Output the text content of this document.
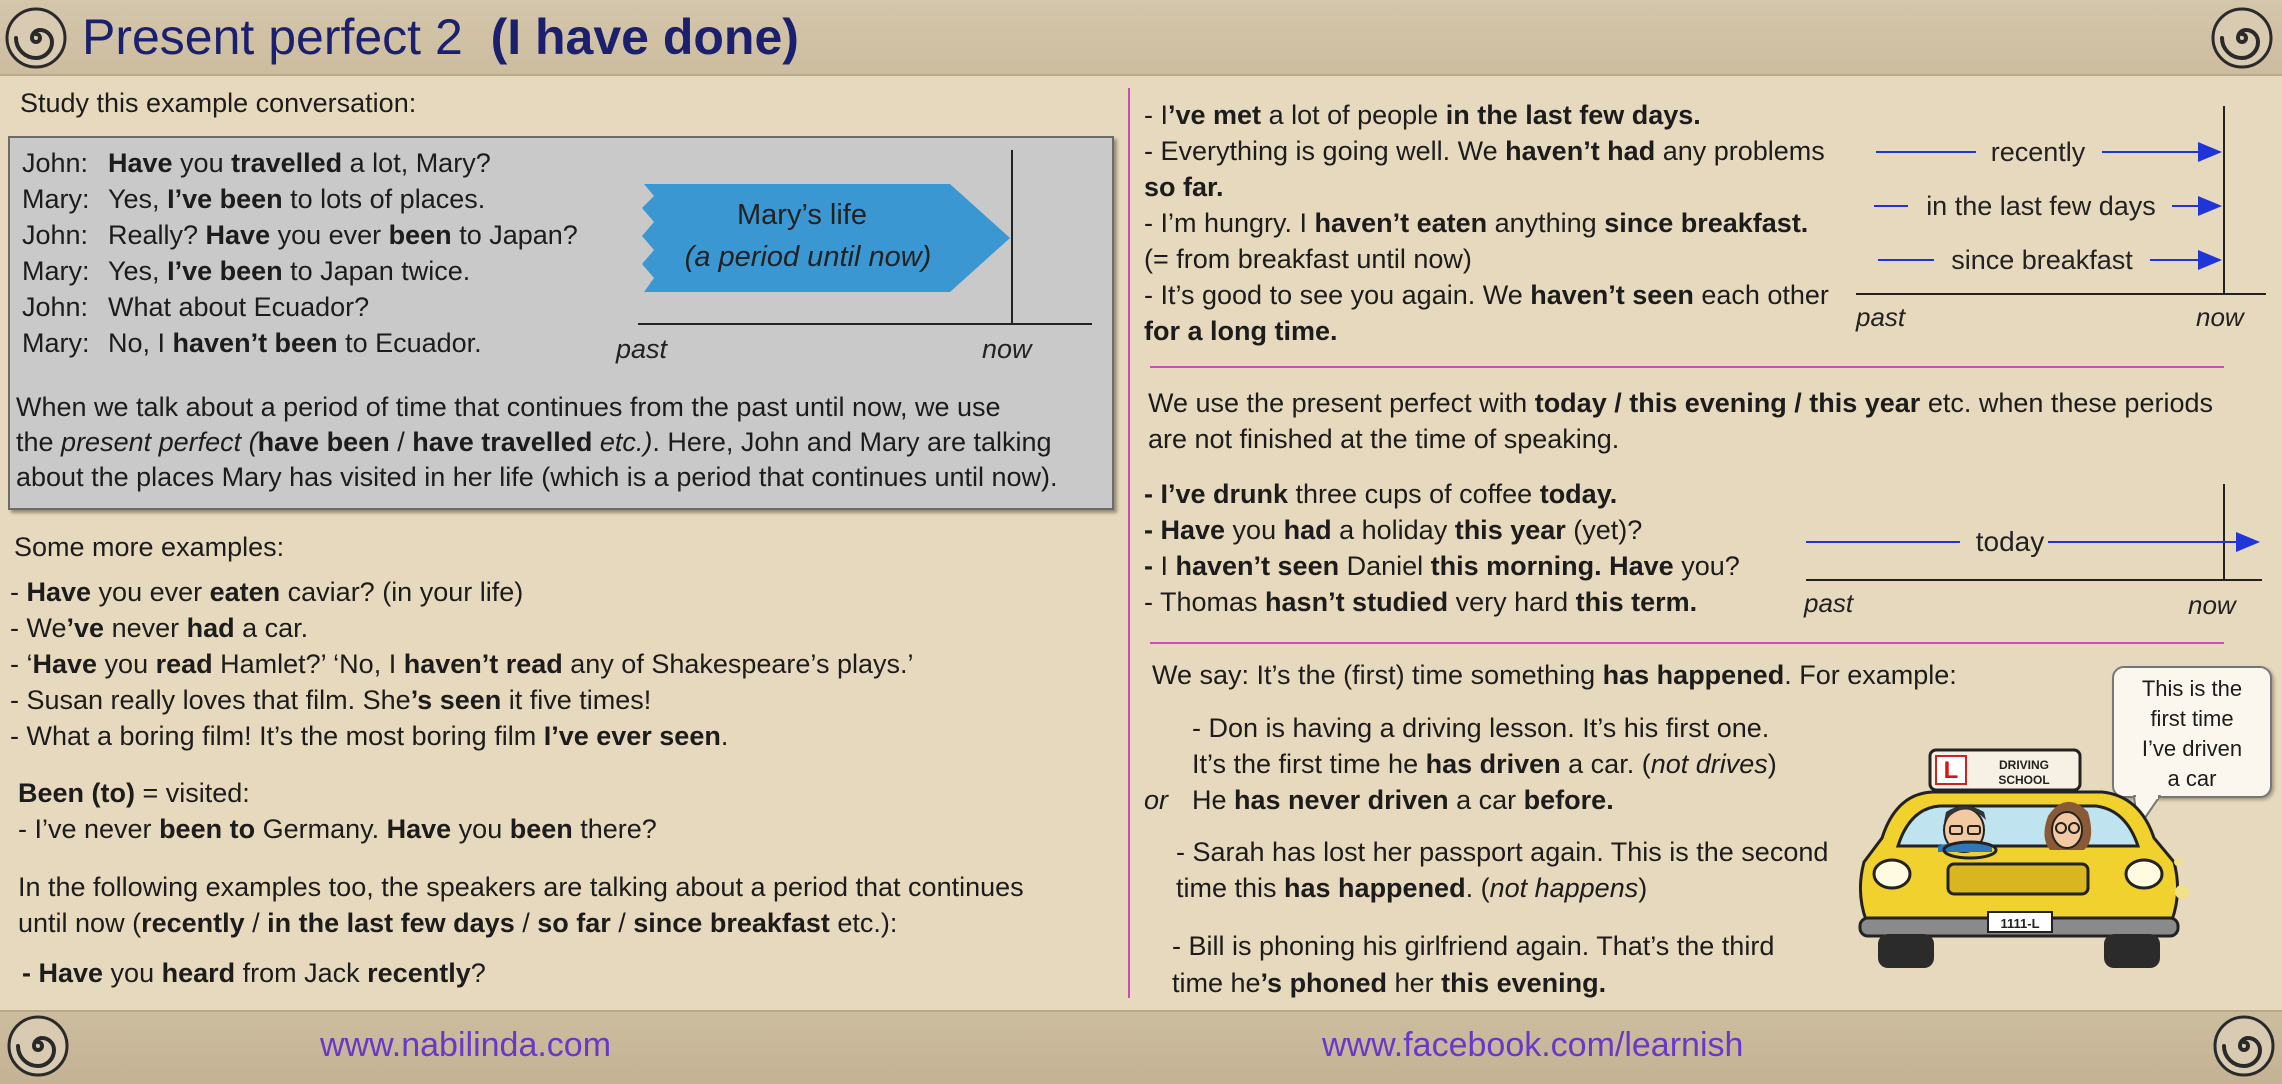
Present perfect 2 (I have done)
www.nabilinda.com	www.facebook.com/learnish
Study this example conversation:
John: Have you travelled a lot, Mary?
Mary: Yes, I’ve been to lots of places.
John: Really? Have you ever been to Japan?
Mary: Yes, I’ve been to Japan twice.
John: What about Ecuador?
Mary: No, I haven’t been to Ecuador.
Mary’s life
(a period until now)
past	now
When we talk about a period of time that continues from the past until now, we use
the present perfect (have been / have travelled etc.). Here, John and Mary are talking
about the places Mary has visited in her life (which is a period that continues until now).
Some more examples:
- Have you ever eaten caviar? (in your life)
- We’ve never had a car.
- ‘Have you read Hamlet?’ ‘No, I haven’t read any of Shakespeare’s plays.’
- Susan really loves that film. She’s seen it five times!
- What a boring film! It’s the most boring film I’ve ever seen.
Been (to) = visited:
- I’ve never been to Germany. Have you been there?
In the following examples too, the speakers are talking about a period that continues
until now (recently / in the last few days / so far / since breakfast etc.):
- Have you heard from Jack recently?
- I’ve met a lot of people in the last few days.
- Everything is going well. We haven’t had any problems
so far.
- I’m hungry. I haven’t eaten anything since breakfast.
(= from breakfast until now)
- It’s good to see you again. We haven’t seen each other
for a long time.
recently
in the last few days
since breakfast
past	now
We use the present perfect with today / this evening / this year etc. when these periods
are not finished at the time of speaking.
- I’ve drunk three cups of coffee today.
- Have you had a holiday this year (yet)?
- I haven’t seen Daniel this morning. Have you?
- Thomas hasn’t studied very hard this term.
today
past	now
We say: It’s the (first) time something has happened. For example:
- Don is having a driving lesson. It’s his first one.
It’s the first time he has driven a car. (not drives)
or He has never driven a car before.
- Sarah has lost her passport again. This is the second
time this has happened. (not happens)
- Bill is phoning his girlfriend again. That’s the third
time he’s phoned her this evening.
This is the
first time
I’ve driven
a car
L	DRIVING
SCHOOL
1111-L
